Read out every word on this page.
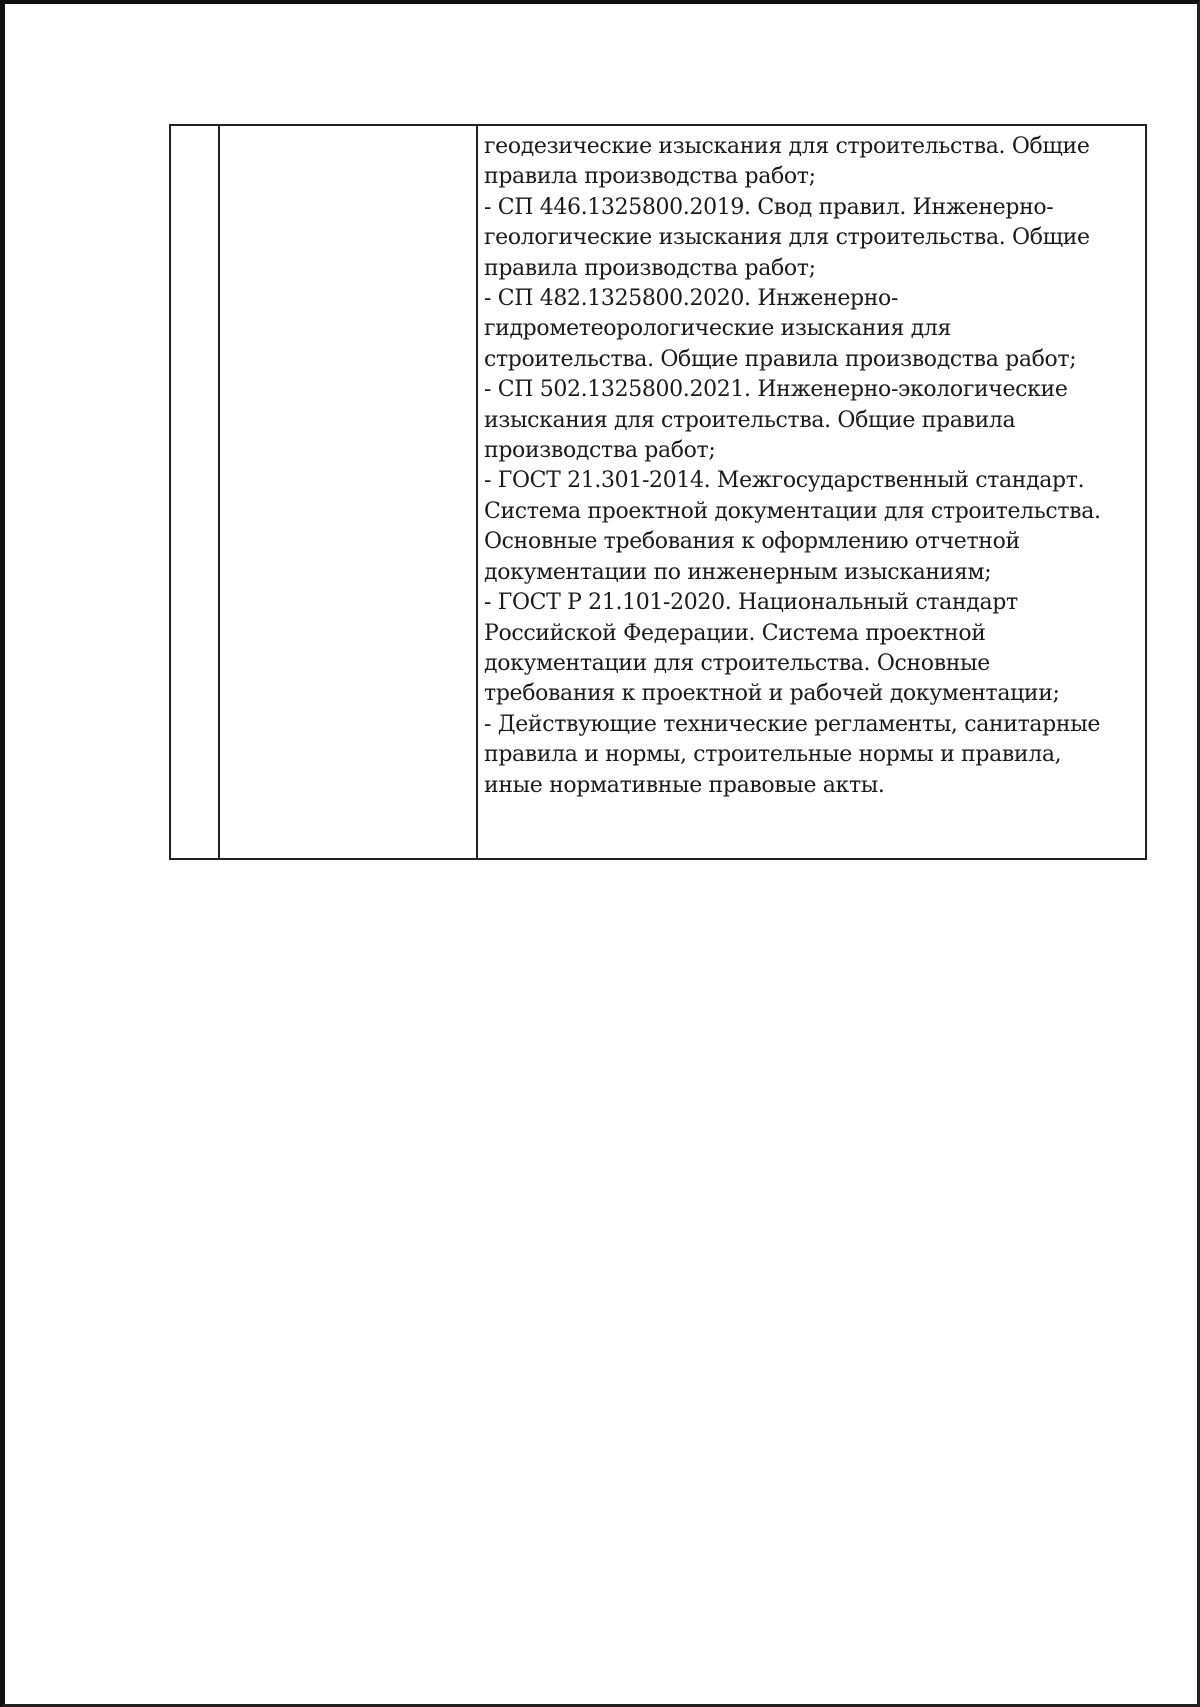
геодезические изыскания для строительства. Общие
правила производства работ;
- СП 446.1325800.2019. Свод правил. Инженерно-
геологические изыскания для строительства. Общие
правила производства работ;
- СП 482.1325800.2020. Инженерно-
гидрометеорологические изыскания для
строительства. Общие правила производства работ;
- СП 502.1325800.2021. Инженерно-экологические
изыскания для строительства. Общие правила
производства работ;
- ГОСТ 21.301-2014. Межгосударственный стандарт.
Система проектной документации для строительства.
Основные требования к оформлению отчетной
документации по инженерным изысканиям;
- ГОСТ Р 21.101-2020. Национальный стандарт
Российской Федерации. Система проектной
документации для строительства. Основные
требования к проектной и рабочей документации;
- Действующие технические регламенты, санитарные
правила и нормы, строительные нормы и правила,
иные нормативные правовые акты.
